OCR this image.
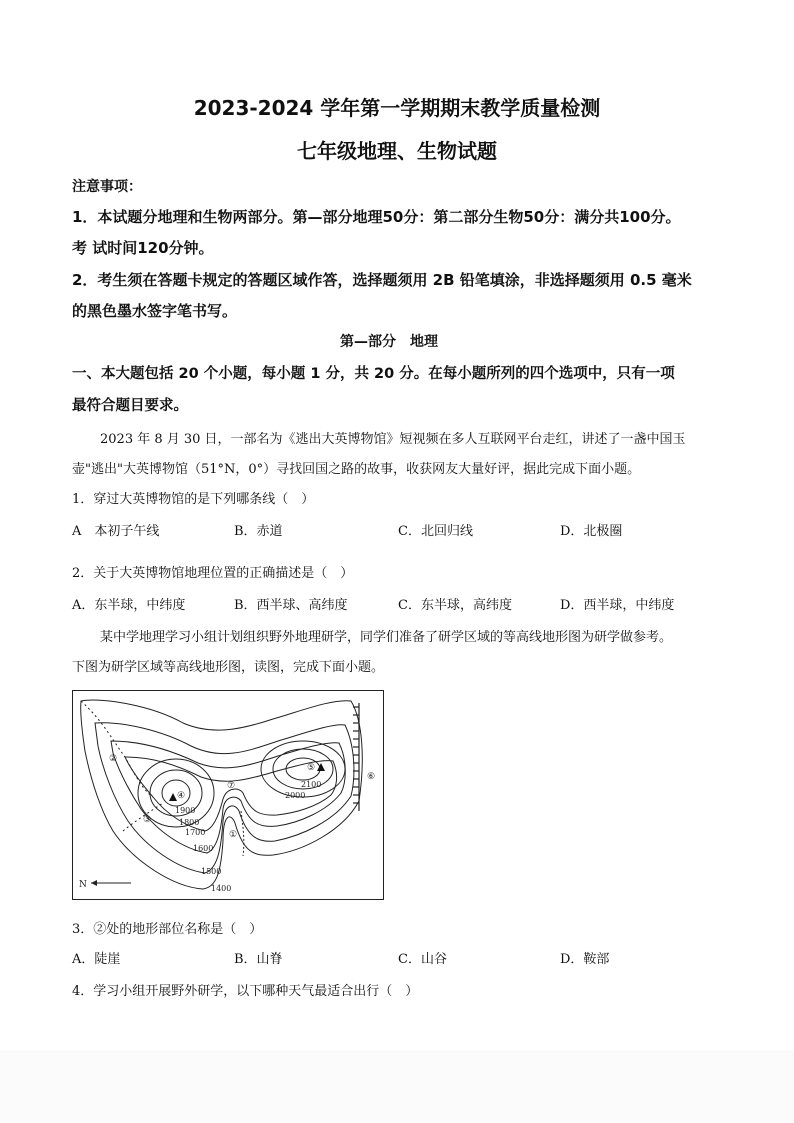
2023-2024 学年第一学期期末教学质量检测
七年级地理、生物试题
注意事项：
1．本试题分地理和生物两部分。第—部分地理50分：第二部分生物50分：满分共100分。
考 试时间120分钟。
2．考生须在答题卡规定的答题区域作答，选择题须用 2B 铅笔填涂，非选择题须用 0.5 毫米
的黑色墨水签字笔书写。
第—部分　地理
一、本大题包括 20 个小题，每小题 1 分，共 20 分。在每小题所列的四个选项中，只有一项
最符合题目要求。
2023 年 8 月 30 日，一部名为《逃出大英博物馆》短视频在多人互联网平台走红，讲述了一盏中国玉
壶"逃出"大英博物馆（51°N，0°）寻找回国之路的故事，收获网友大量好评，据此完成下面小题。
1．穿过大英博物馆的是下列哪条线（　）
A　本初子午线	B．赤道	C．北回归线	D．北极圈
2．关于大英博物馆地理位置的正确描述是（　）
A．东半球，中纬度	B．西半球、高纬度	C．东半球，高纬度	D．西半球，中纬度
某中学地理学习小组计划组织野外地理研学，同学们准备了研学区域的等高线地形图为研学做参考。
下图为研学区域等高线地形图，读图，完成下面小题。
④
⑤
②
③
⑦
①
⑥
1900
1800
1700
1600
1500
1400
2000
2100
N
3．②处的地形部位名称是（　）
A．陡崖	B．山脊	C．山谷	D．鞍部
4．学习小组开展野外研学，以下哪种天气最适合出行（　）
